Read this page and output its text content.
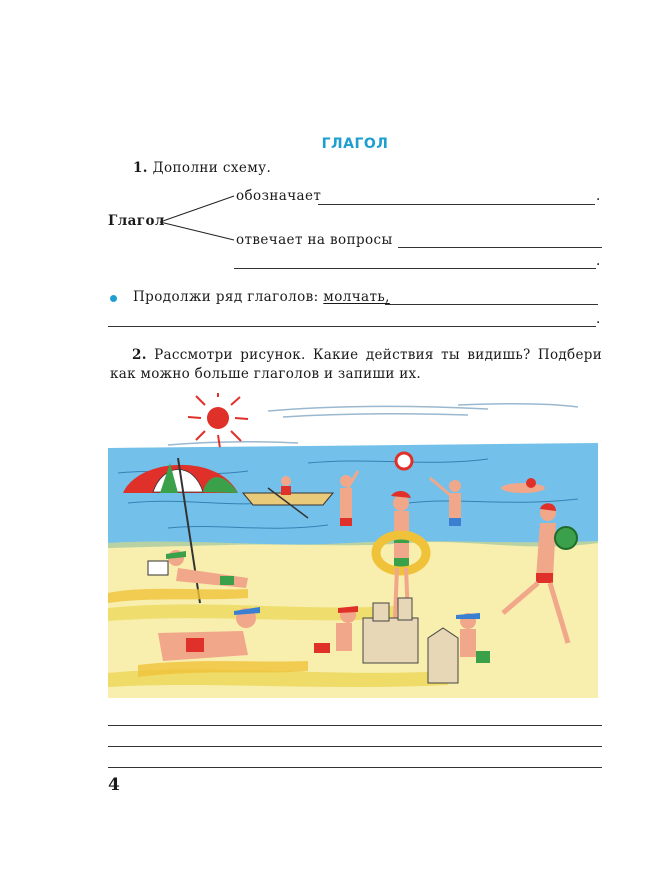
ГЛАГОЛ
1. Дополни схему.
Глагол
обозначает	.
отвечает на вопросы
.
Продолжи ряд глаголов: молчать,
.
2. Рассмотри рисунок. Какие действия ты видишь? Подбери как можно больше глаголов и запиши их.
4
